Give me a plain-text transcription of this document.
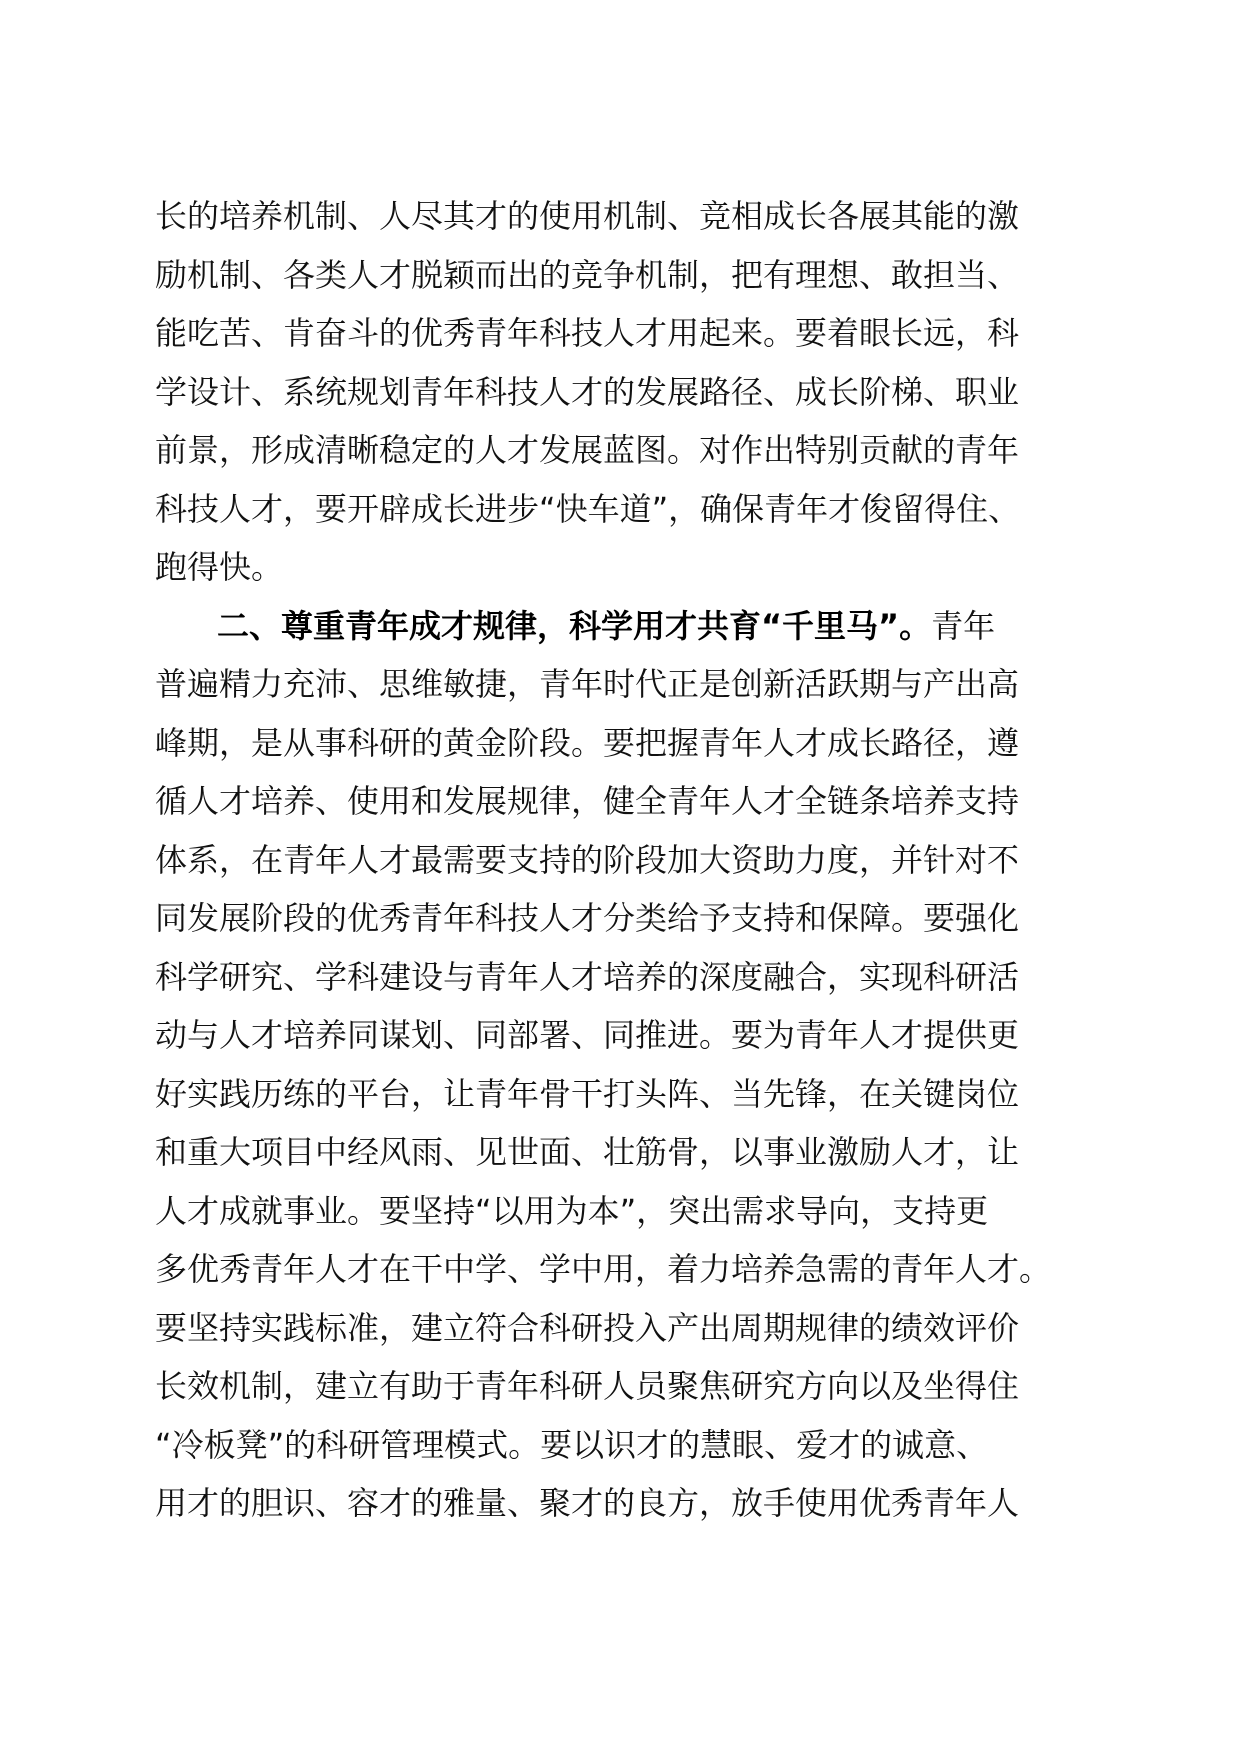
长的培养机制、人尽其才的使用机制、竞相成长各展其能的激
励机制、各类人才脱颖而出的竞争机制，把有理想、敢担当、
能吃苦、肯奋斗的优秀青年科技人才用起来。要着眼长远，科
学设计、系统规划青年科技人才的发展路径、成长阶梯、职业
前景，形成清晰稳定的人才发展蓝图。对作出特别贡献的青年
科技人才，要开辟成长进步“快车道”，确保青年才俊留得住、
跑得快。
二、尊重青年成才规律，科学用才共育“千里马”。青年
普遍精力充沛、思维敏捷，青年时代正是创新活跃期与产出高
峰期，是从事科研的黄金阶段。要把握青年人才成长路径，遵
循人才培养、使用和发展规律，健全青年人才全链条培养支持
体系，在青年人才最需要支持的阶段加大资助力度，并针对不
同发展阶段的优秀青年科技人才分类给予支持和保障。要强化
科学研究、学科建设与青年人才培养的深度融合，实现科研活
动与人才培养同谋划、同部署、同推进。要为青年人才提供更
好实践历练的平台，让青年骨干打头阵、当先锋，在关键岗位
和重大项目中经风雨、见世面、壮筋骨，以事业激励人才，让
人才成就事业。要坚持“以用为本”，突出需求导向，支持更
多优秀青年人才在干中学、学中用，着力培养急需的青年人才。
要坚持实践标准，建立符合科研投入产出周期规律的绩效评价
长效机制，建立有助于青年科研人员聚焦研究方向以及坐得住
“冷板凳”的科研管理模式。要以识才的慧眼、爱才的诚意、
用才的胆识、容才的雅量、聚才的良方，放手使用优秀青年人
